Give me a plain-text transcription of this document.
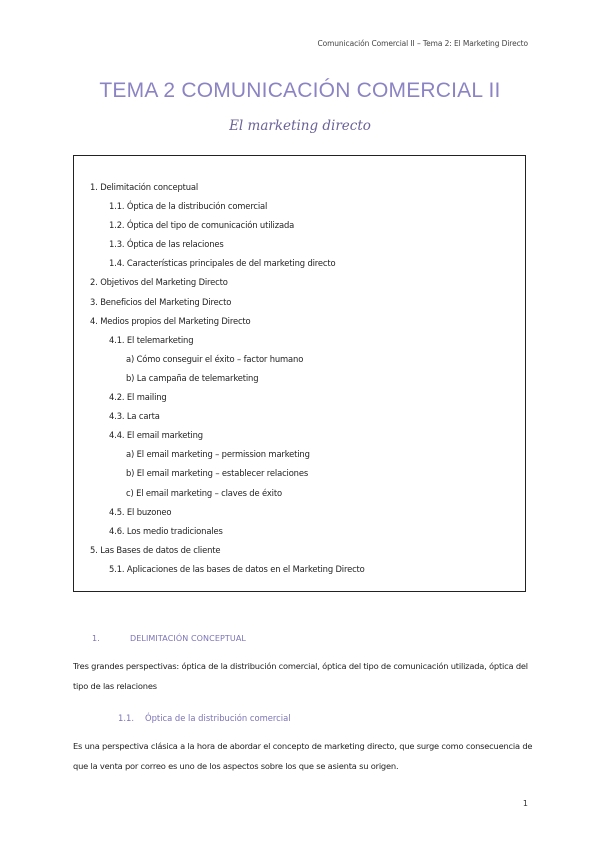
Comunicación Comercial II – Tema 2: El Marketing Directo
TEMA 2 COMUNICACIÓN COMERCIAL II
El marketing directo
1. Delimitación conceptual
1.1. Óptica de la distribución comercial
1.2. Óptica del tipo de comunicación utilizada
1.3. Óptica de las relaciones
1.4. Características principales de del marketing directo
2. Objetivos del Marketing Directo
3. Beneficios del Marketing Directo
4. Medios propios del Marketing Directo
4.1. El telemarketing
a) Cómo conseguir el éxito – factor humano
b) La campaña de telemarketing
4.2. El mailing
4.3. La carta
4.4. El email marketing
a) El email marketing – permission marketing
b) El email marketing – establecer relaciones
c) El email marketing – claves de éxito
4.5. El buzoneo
4.6. Los medio tradicionales
5. Las Bases de datos de cliente
5.1. Aplicaciones de las bases de datos en el Marketing Directo
1.	DELIMITACIÓN CONCEPTUAL
Tres grandes perspectivas: óptica de la distribución comercial, óptica del tipo de comunicación utilizada, óptica del tipo de las relaciones
1.1. Óptica de la distribución comercial
Es una perspectiva clásica a la hora de abordar el concepto de marketing directo, que surge como consecuencia de que la venta por correo es uno de los aspectos sobre los que se asienta su origen.
1
